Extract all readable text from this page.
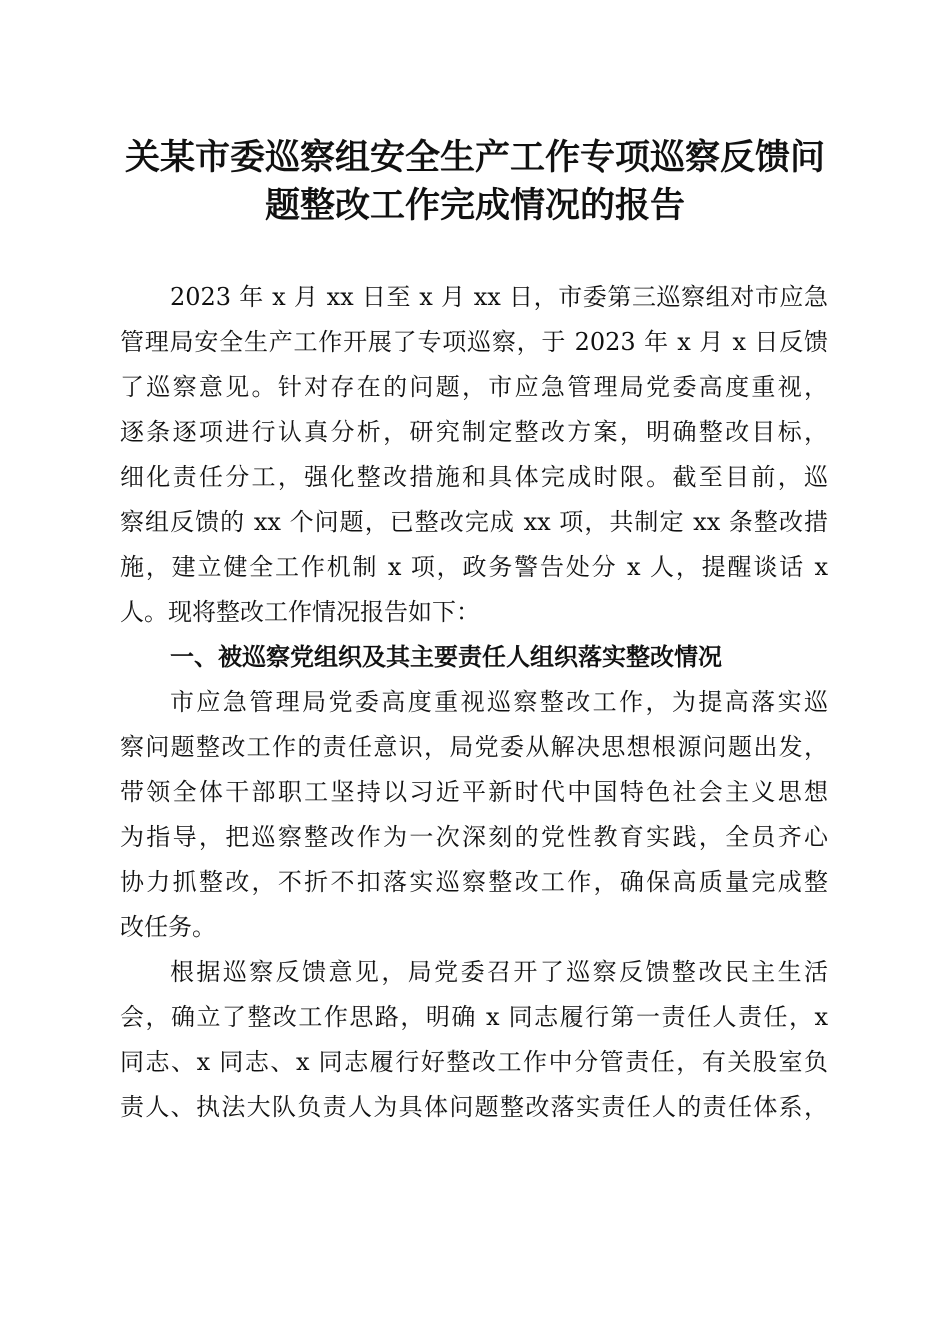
关某市委巡察组安全生产工作专项巡察反馈问
题整改工作完成情况的报告
2023 年 x 月 xx 日至 x 月 xx 日，市委第三巡察组对市应急
管理局安全生产工作开展了专项巡察，于 2023 年 x 月 x 日反馈
了巡察意见。针对存在的问题，市应急管理局党委高度重视，
逐条逐项进行认真分析，研究制定整改方案，明确整改目标，
细化责任分工，强化整改措施和具体完成时限。截至目前，巡
察组反馈的 xx 个问题，已整改完成 xx 项，共制定 xx 条整改措
施，建立健全工作机制 x 项，政务警告处分 x 人，提醒谈话 x
人。现将整改工作情况报告如下：
一、被巡察党组织及其主要责任人组织落实整改情况
市应急管理局党委高度重视巡察整改工作，为提高落实巡
察问题整改工作的责任意识，局党委从解决思想根源问题出发，
带领全体干部职工坚持以习近平新时代中国特色社会主义思想
为指导，把巡察整改作为一次深刻的党性教育实践，全员齐心
协力抓整改，不折不扣落实巡察整改工作，确保高质量完成整
改任务。
根据巡察反馈意见，局党委召开了巡察反馈整改民主生活
会，确立了整改工作思路，明确 x 同志履行第一责任人责任，x
同志、x 同志、x 同志履行好整改工作中分管责任，有关股室负
责人、执法大队负责人为具体问题整改落实责任人的责任体系，
